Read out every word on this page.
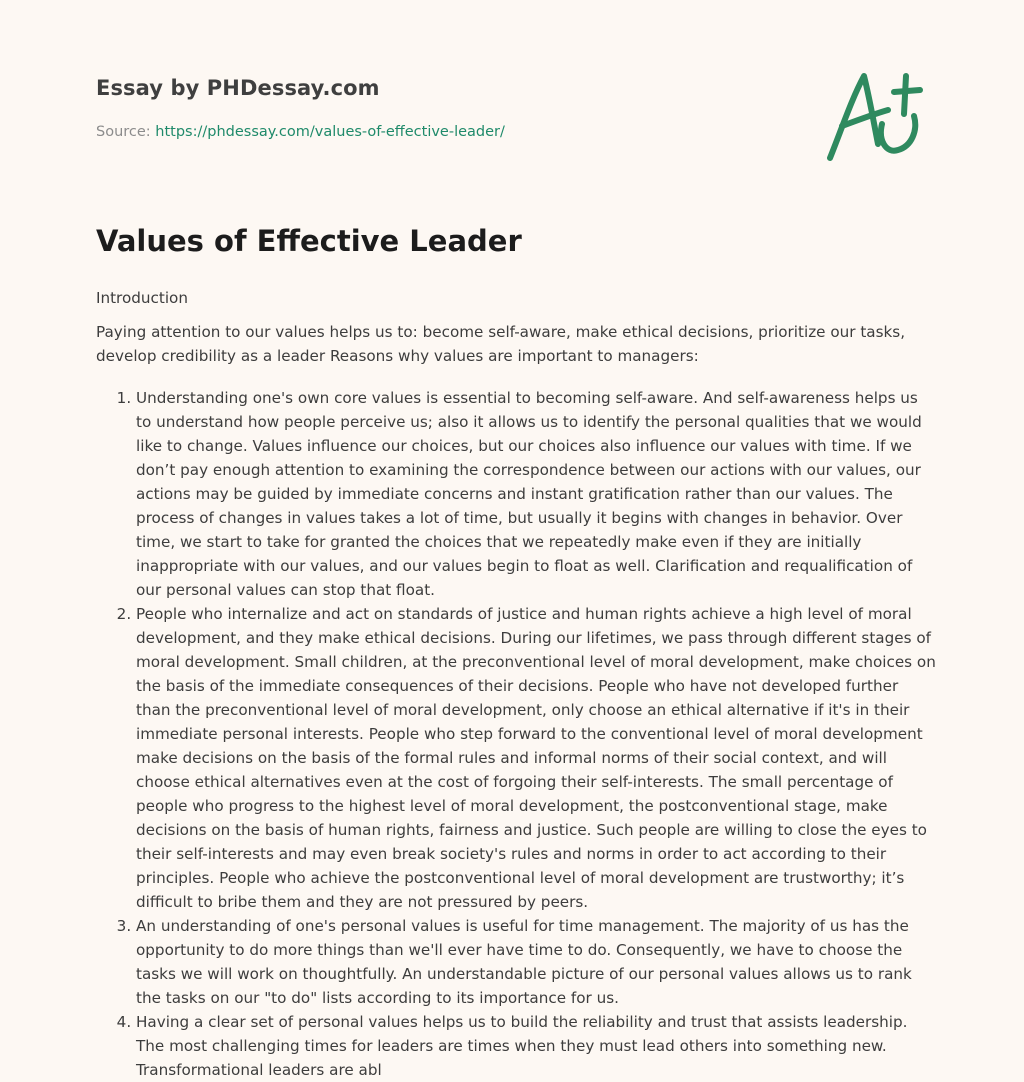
Essay by PHDessay.com
Source: https://phdessay.com/values-of-effective-leader/
Values of Effective Leader

Introduction

Paying attention to our values helps us to: become self-aware, make ethical decisions, prioritize our tasks, develop credibility as a leader Reasons why values are important to managers:

1. Understanding one's own core values is essential to becoming self-aware. And self-awareness helps us to understand how people perceive us; also it allows us to identify the personal qualities that we would like to change. Values influence our choices, but our choices also influence our values with time. If we don’t pay enough attention to examining the correspondence between our actions with our values, our actions may be guided by immediate concerns and instant gratification rather than our values. The process of changes in values takes a lot of time, but usually it begins with changes in behavior. Over time, we start to take for granted the choices that we repeatedly make even if they are initially inappropriate with our values, and our values begin to float as well. Clarification and requalification of our personal values can stop that float.
2. People who internalize and act on standards of justice and human rights achieve a high level of moral development, and they make ethical decisions. During our lifetimes, we pass through different stages of moral development. Small children, at the preconventional level of moral development, make choices on the basis of the immediate consequences of their decisions. People who have not developed further than the preconventional level of moral development, only choose an ethical alternative if it's in their immediate personal interests. People who step forward to the conventional level of moral development make decisions on the basis of the formal rules and informal norms of their social context, and will choose ethical alternatives even at the cost of forgoing their self-interests. The small percentage of people who progress to the highest level of moral development, the postconventional stage, make decisions on the basis of human rights, fairness and justice. Such people are willing to close the eyes to their self-interests and may even break society's rules and norms in order to act according to their principles. People who achieve the postconventional level of moral development are trustworthy; it’s difficult to bribe them and they are not pressured by peers.
3. An understanding of one's personal values is useful for time management. The majority of us has the opportunity to do more things than we'll ever have time to do. Consequently, we have to choose the tasks we will work on thoughtfully. An understandable picture of our personal values allows us to rank the tasks on our "to do" lists according to its importance for us.
4. Having a clear set of personal values helps us to build the reliability and trust that assists leadership. The most challenging times for leaders are times when they must lead others into something new. Transformational leaders are abl
